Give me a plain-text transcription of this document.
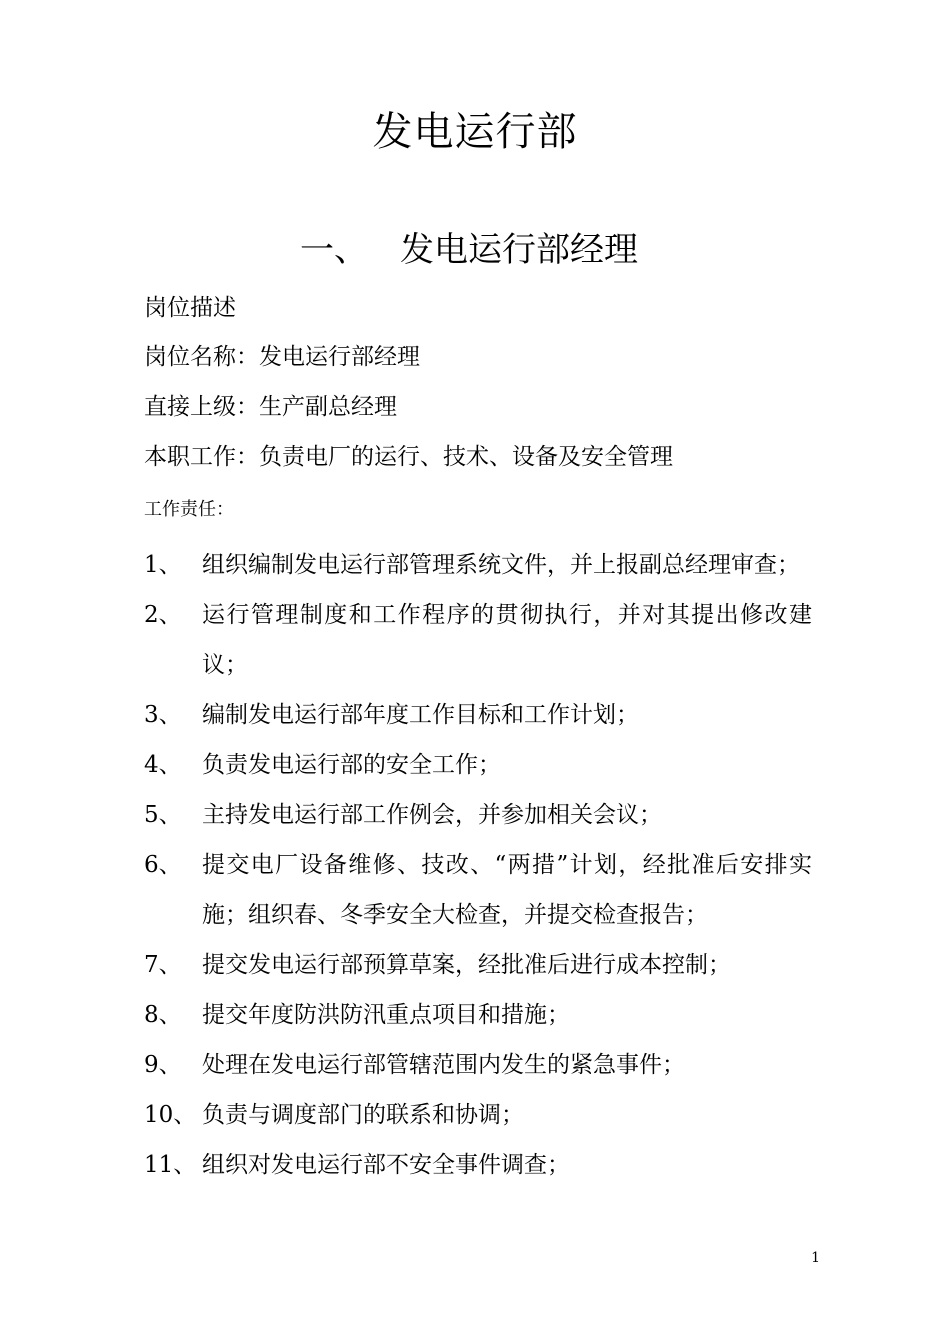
发电运行部
一、 发电运行部经理
岗位描述
岗位名称：发电运行部经理
直接上级：生产副总经理
本职工作：负责电厂的运行、技术、设备及安全管理
工作责任：
1、 组织编制发电运行部管理系统文件，并上报副总经理审查；
2、 运行管理制度和工作程序的贯彻执行，并对其提出修改建议；
3、 编制发电运行部年度工作目标和工作计划；
4、 负责发电运行部的安全工作；
5、 主持发电运行部工作例会，并参加相关会议；
6、 提交电厂设备维修、技改、“两措”计划，经批准后安排实施；组织春、冬季安全大检查，并提交检查报告；
7、 提交发电运行部预算草案，经批准后进行成本控制；
8、 提交年度防洪防汛重点项目和措施；
9、 处理在发电运行部管辖范围内发生的紧急事件；
10、 负责与调度部门的联系和协调；
11、 组织对发电运行部不安全事件调查；
1
